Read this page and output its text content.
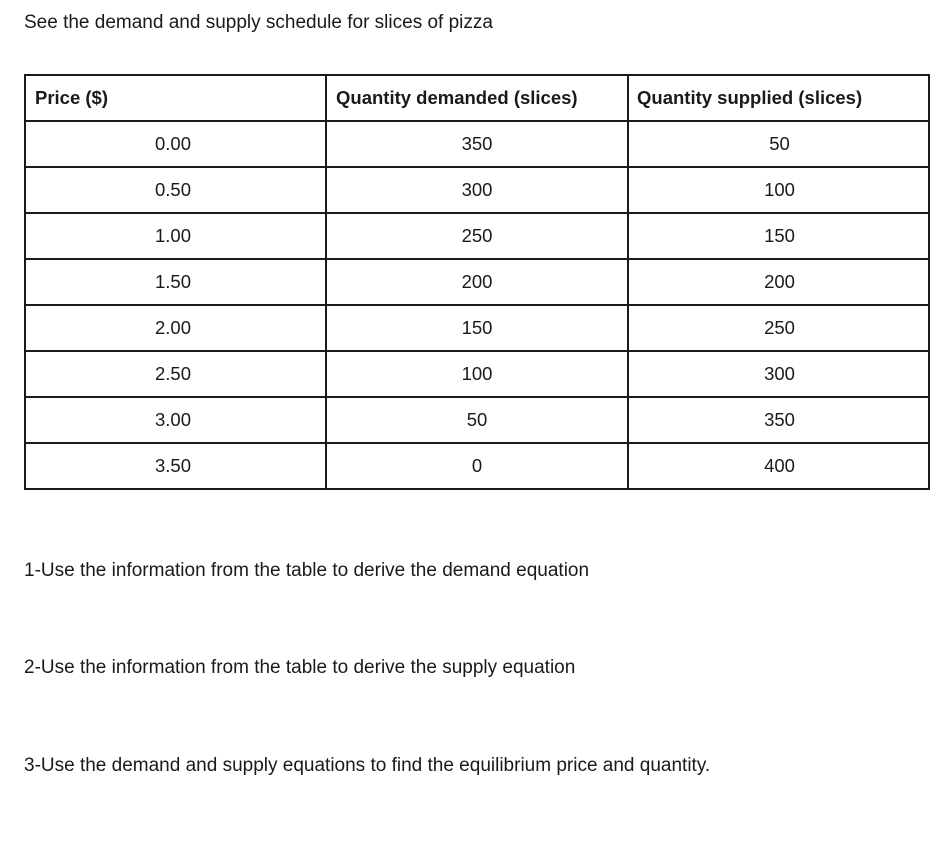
See the demand and supply schedule for slices of pizza

Price ($)	Quantity demanded (slices)	Quantity supplied (slices)
0.00	350	50
0.50	300	100
1.00	250	150
1.50	200	200
2.00	150	250
2.50	100	300
3.00	50	350
3.50	0	400

1-Use the information from the table to derive the demand equation

2-Use the information from the table to derive the supply equation

3-Use the demand and supply equations to find the equilibrium price and quantity.
